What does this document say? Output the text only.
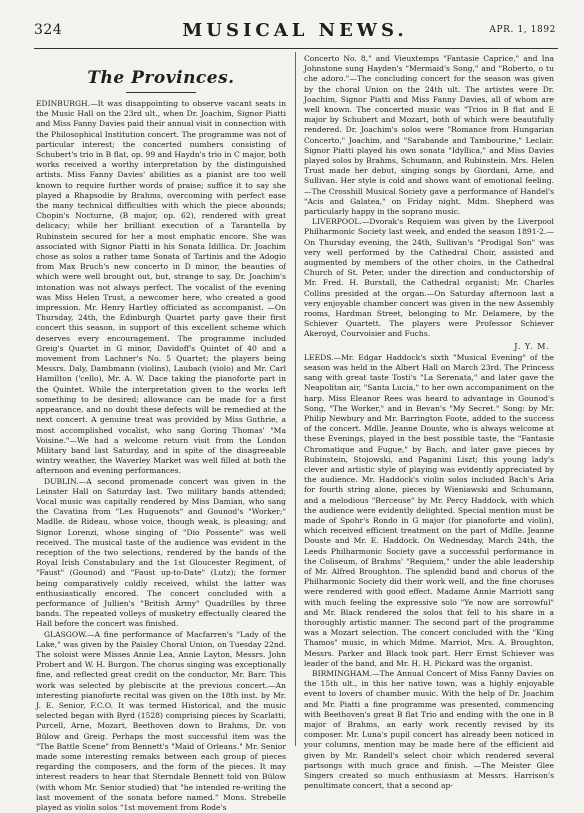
324	MUSICAL NEWS.	APR. 1, 1892
The Provinces.

EDINBURGH.—It was disappointing to observe vacant seats in the Music Hall on the 23rd ult., when Dr. Joachim, Signor Piatti and Miss Fanny Davies paid their annual visit in connection with the Philosophical Institution concert. The programme was not of particular interest; the concerted numbers consisting of Schubert's trio in B flat, op. 99 and Haydn's trio in C major, both works received a worthy interpretation by the distinguished artists. Miss Fanny Davies' abilities as a pianist are too well known to require further words of praise; suffice it to say she played a Rhapsodie by Brahms, overcoming with perfect ease the many technical difficulties with which the piece abounds; Chopin's Nocturne, (B major, op. 62), rendered with great delicacy; while her brilliant execution of a Tarantella by Rubinstein secured for her a most emphatic encore. She was associated with Signor Piatti in his Sonata Idillica. Dr. Joachim chose as solos a rather tame Sonata of Tartinis and the Adogio from Max Bruch's new concerto in D minor, the beauties of which were well brought out, but, strange to say, Dr. Joachim's intonation was not always perfect. The vocalist of the evening was Miss Helen Trust, a newcomer here, who created a good impression. Mr. Henry Hartley officiated as accompanist. —On Thursday, 24th, the Edinburgh Quartet party gave their first concert this season, in support of this excellent scheme which deserves every encouragement. The programme included Greig's Quartet in G minor, Davidoff's Quintet of 40 and a movement from Lachner's No. 5 Quartet; the players being Messrs. Daly, Dambmann (violins), Laubach (violo) and Mr. Carl Hamilton ('cello), Mr. A. W. Dace taking the pianoforte part in the Quintet. While the interpretation given to the works left something to be desired; allowance can be made for a first appearance, and no doubt these defects will be remedied at the next concert. A genuine treat was provided by Miss Guthrie, a most accomplished vocalist, who sang Goring Thomas' "Ma Voisine."—We had a welcome return visit from the London Military band last Saturday, and in spite of the disagreeable wintry weather, the Waverley Market was well filled at both the afternoon and evening performances.

DUBLIN.—A second promenade concert was given in the Leinster Hall on Saturday last. Two military bands attended; Vocal music was capitally rendered by Miss Damian, who sang the Cavatina from "Les Huguenots" and Gounod's "Worker;" Madlle. de Rideau, whose voice, though weak, is pleasing; and Signor Lorenzi, whose singing of "Dio Possente" was well received. The musical taste of the audience was evident in the reception of the two selections, rendered by the bands of the Royal Irish Constabulary and the 1st Gloucester Regiment, of "Faust" (Gounod) and "Faust up-to-Date" (Lutz); the former being comparatively coldly received, whilst the latter was enthusiastically encored. The concert concluded with a performance of Jullien's "British Army" Quadrilles by three bands. The repeated volleys of musketry effectually cleared the Hall before the concert was finished.

GLASGOW.—A fine performance of Macfarren's "Lady of the Lake," was given by the Paisley Choral Union, on Tuesday 22nd. The soloist were Misses Annie Lea, Annie Layton, Messrs. John Probert and W. H. Burgon. The chorus singing was exceptionally fine, and reflected great credit on the conductor, Mr. Barr. This work was selected by plebiscite at the previous concert.—An interesting pianoforte recital was given on the 18th inst. by Mr. J. E. Senior, F.C.O. It was termed Historical, and the music selected began with Byrd (1528) comprising pieces by Scarlatti, Purcell, Arne, Mozart, Beethoven down to Brahms, Dr. von Bülow and Greig. Perhaps the most successful item was the "The Battle Scene" from Bennett's "Maid of Orleans." Mr. Senior made some interesting remaks between each group of pieces regarding the composers, and the form of the pieces. It may interest readers to hear that Sterndale Bennett told von Bülow (with whom Mr. Senior studied) that "he intended re-writing the last movement of the sonata before named." Mons. Strebelle played as violin solos "1st movement from Rode's

Concerto No. 8," and Vieuxtemps "Fantasie Caprice," and Ina Johnstone sung Hayden's "Mermaid's Song," and "Roberto, o tu che adoro."—The concluding concert for the season was given by the choral Union on the 24th ult. The artistes were Dr. Joachim, Signor Piatti and Miss Fanny Davies, all of whom are well known. The concerted music was "Trios in B flat and E major by Schubert and Mozart, both of which were beautifully rendered. Dr. Joachim's solos were "Romance from Hungarian Concerto," Joachim, and "Sarabande and Tambourine," Leclair. Signor Piatti played his own sonata "Idyllica," and Miss Davies played solos by Brahms, Schumann, and Rubinstein. Mrs. Helen Trust made her debut, singing songs by Giordani, Arne, and Sullivan. Her style is cold and shows want of emotional feeling.—The Crosshill Musical Society gave a performance of Handel's "Acis and Galatea," on Friday night. Mdm. Shepherd was particularly happy in the soprano music.

LIVERPOOL.—Dvorak's Requiem was given by the Liverpool Philharmonic Society last week, and ended the season 1891-2.—On Thursday evening, the 24th, Sullivan's "Prodigal Son" was very well performed by the Cathedral Choir, assisted and augmented by members of the other choirs, in the Cathedral Church of St. Peter, under the direction and conductorship of Mr. Fred. H. Burstall, the Cathedral organist; Mr. Charles Collins presided at the organ.—On Saturday afternoon last a very enjoyable chamber concert was given in the new Assembly rooms, Hardman Street, belonging to Mr. Delamere, by the Schiever Quartett. The players were Professor Schiever Akeroyd, Courvoisier and Fuchs.

J. Y. M.

LEEDS.—Mr. Edgar Haddock's sixth "Musical Evening" of the season was held in the Albert Hall on March 23rd. The Princess sang with great taste Tosti's "La Serenata," and later gave the Neapolitan air, "Santa Lucia," to her own accompaniment on the harp. Miss Eleanor Rees was heard to advantage in Gounod's Song, "The Worker," and in Bevan's "My Secret." Song: by Mr. Philip Newbury and Mr. Barrington Foote, added to the success of the concert. Mdlle. Jeanne Douste, who is always welcome at these Evenings, played in the best possible taste, the "Fantasie Chromatique and Fugue," by Bach, and later gave pieces by Rubinstein, Stojowski, and Paganini Liszt; this young lady's clever and artistic style of playing was evidently appreciated by the audience. Mr. Haddock's violin solos included Bach's Aria for fourth string alone, pieces by Wieniawski and Schumann, and a melodious "Berceuse" by Mr. Percy Haddock, with which the audience were evidently delighted. Special mention must be made of Spohr's Rondo in G major (for pianoforte and violin), which received efficient treatment on the part of Mdlle. Jeanne Douste and Mr. E. Haddock. On Wednesday, March 24th, the Leeds Philharmonic Society gave a successful performance in the Coliseum, of Brahms' "Requiem," under the able leadership of Mr. Alfred Broughton. The splendid band and chorus of the Philharmonic Society did their work well, and the fine choruses were rendered with good effect. Madame Annie Marriott sang with much feeling the expressive solo "Ye now are sorrowful" and Mr. Black rendered the solos that fell to his share in a thoroughly artistic manner. The second part of the programme was a Mozart selection. The concert concluded with the "King Thamos" music, in which Mdme. Marriot, Mrs. A. Broughton, Messrs. Parker and Black took part. Herr Ernst Schiever was leader of the band, and Mr. H. H. Pickard was the organist.

BIRMINGHAM.—The Annual Concert of Miss Fanny Davies on the 15th ult., in this her native town, was a highly enjoyable event to lovers of chamber music. With the help of Dr. Joachim and Mr. Piatti a fine programme was presented, commencing with Beethoven's great B flat Trio and ending with the one in B major of Brahms, an early work recently revised by its composer. Mr. Luna's pupil concert has already been noticed in your columns, mention may be made here of the efficient aid given by Mr. Randell's select choir which rendered several partsongs with much grace and finish. —The Meister Glee Singers created so much enthusiasm at Messrs. Harrison's penultimate concert, that a second ap-
